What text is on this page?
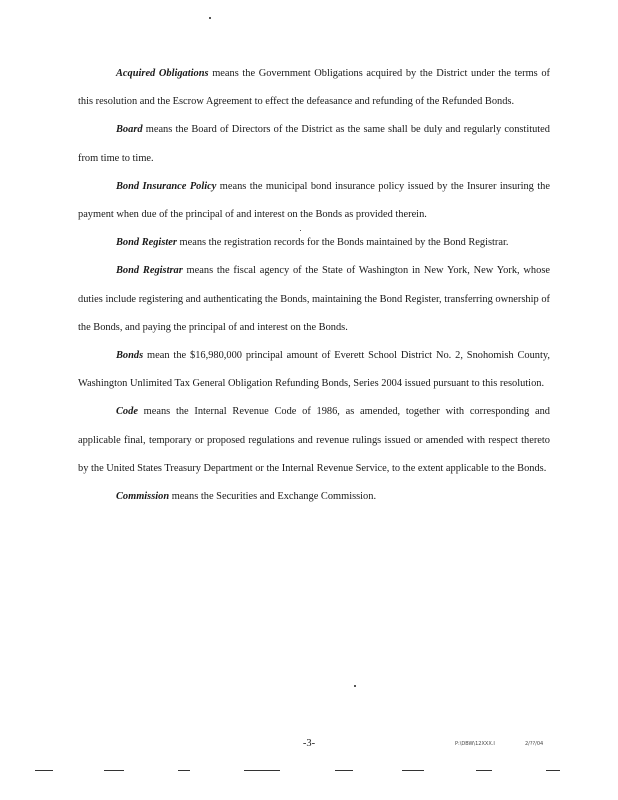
Acquired Obligations means the Government Obligations acquired by the District under the terms of this resolution and the Escrow Agreement to effect the defeasance and refunding of the Refunded Bonds.

Board means the Board of Directors of the District as the same shall be duly and regularly constituted from time to time.

Bond Insurance Policy means the municipal bond insurance policy issued by the Insurer insuring the payment when due of the principal of and interest on the Bonds as provided therein.

Bond Register means the registration records for the Bonds maintained by the Bond Registrar.

Bond Registrar means the fiscal agency of the State of Washington in New York, New York, whose duties include registering and authenticating the Bonds, maintaining the Bond Register, transferring ownership of the Bonds, and paying the principal of and interest on the Bonds.

Bonds mean the $16,980,000 principal amount of Everett School District No. 2, Snohomish County, Washington Unlimited Tax General Obligation Refunding Bonds, Series 2004 issued pursuant to this resolution.

Code means the Internal Revenue Code of 1986, as amended, together with corresponding and applicable final, temporary or proposed regulations and revenue rulings issued or amended with respect thereto by the United States Treasury Department or the Internal Revenue Service, to the extent applicable to the Bonds.

Commission means the Securities and Exchange Commission.

-3-	P:\DBW\12XXX.I	2/??/04
